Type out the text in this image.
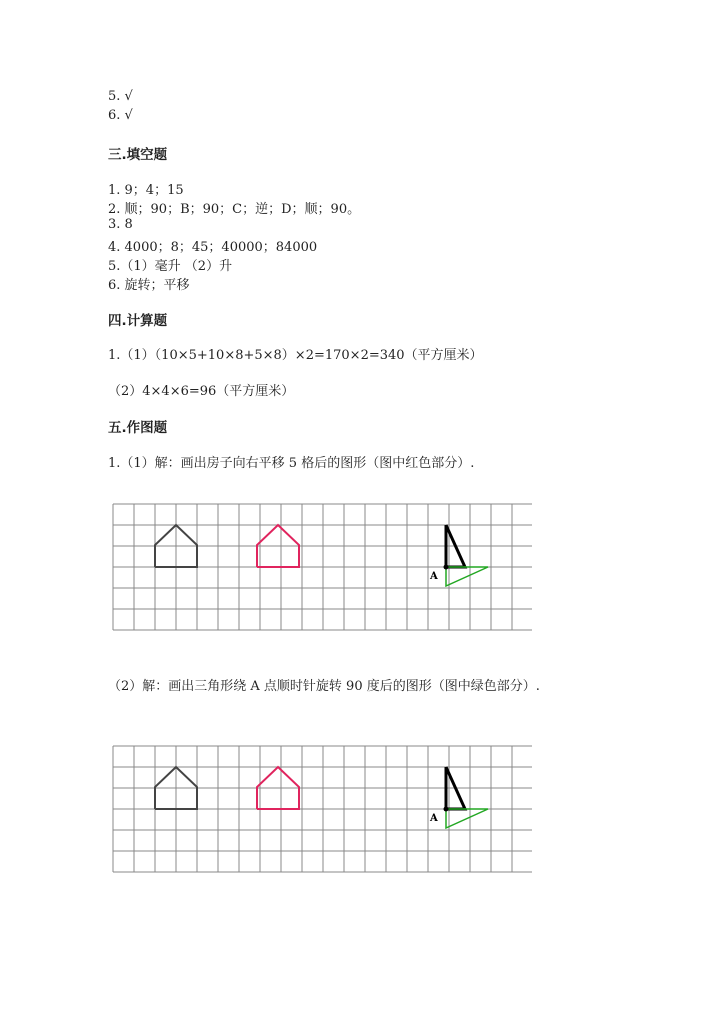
5. √
6. √
三.填空题
1. 9；4；15
2. 顺；90；B；90；C；逆；D；顺；90。
3. 8
4. 4000；8；45；40000；84000
5.（1）毫升 （2）升
6. 旋转；平移
四.计算题
1.（1）（10×5+10×8+5×8）×2=170×2=340（平方厘米）
（2）4×4×6=96（平方厘米）
五.作图题
1.（1）解：画出房子向右平移 5 格后的图形（图中红色部分）.
A
（2）解：画出三角形绕 A 点顺时针旋转 90 度后的图形（图中绿色部分）.
A
